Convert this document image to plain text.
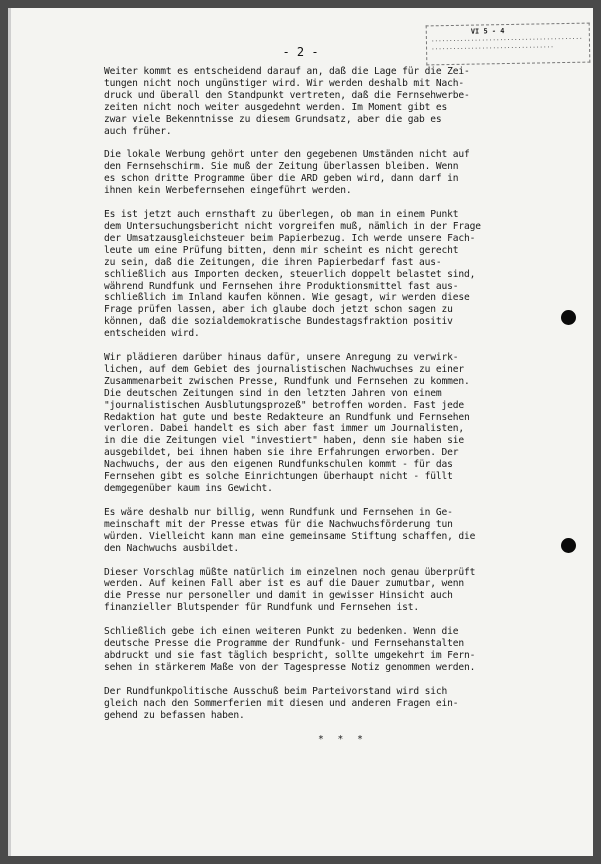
VI 5 - 4
..........................................
..................................
- 2 -
Weiter kommt es entscheidend darauf an, daß die Lage für die Zei-
tungen nicht noch ungünstiger wird. Wir werden deshalb mit Nach-
druck und überall den Standpunkt vertreten, daß die Fernsehwerbe-
zeiten nicht noch weiter ausgedehnt werden. Im Moment gibt es
zwar viele Bekenntnisse zu diesem Grundsatz, aber die gab es
auch früher.
Die lokale Werbung gehört unter den gegebenen Umständen nicht auf
den Fernsehschirm. Sie muß der Zeitung überlassen bleiben. Wenn
es schon dritte Programme über die ARD geben wird, dann darf in
ihnen kein Werbefernsehen eingeführt werden.
Es ist jetzt auch ernsthaft zu überlegen, ob man in einem Punkt
dem Untersuchungsbericht nicht vorgreifen muß, nämlich in der Frage
der Umsatzausgleichsteuer beim Papierbezug. Ich werde unsere Fach-
leute um eine Prüfung bitten, denn mir scheint es nicht gerecht
zu sein, daß die Zeitungen, die ihren Papierbedarf fast aus-
schließlich aus Importen decken, steuerlich doppelt belastet sind,
während Rundfunk und Fernsehen ihre Produktionsmittel fast aus-
schließlich im Inland kaufen können. Wie gesagt, wir werden diese
Frage prüfen lassen, aber ich glaube doch jetzt schon sagen zu
können, daß die sozialdemokratische Bundestagsfraktion positiv
entscheiden wird.
Wir plädieren darüber hinaus dafür, unsere Anregung zu verwirk-
lichen, auf dem Gebiet des journalistischen Nachwuchses zu einer
Zusammenarbeit zwischen Presse, Rundfunk und Fernsehen zu kommen.
Die deutschen Zeitungen sind in den letzten Jahren von einem
"journalistischen Ausblutungsprozeß" betroffen worden. Fast jede
Redaktion hat gute und beste Redakteure an Rundfunk und Fernsehen
verloren. Dabei handelt es sich aber fast immer um Journalisten,
in die die Zeitungen viel "investiert" haben, denn sie haben sie
ausgebildet, bei ihnen haben sie ihre Erfahrungen erworben. Der
Nachwuchs, der aus den eigenen Rundfunkschulen kommt - für das
Fernsehen gibt es solche Einrichtungen überhaupt nicht - füllt
demgegenüber kaum ins Gewicht.
Es wäre deshalb nur billig, wenn Rundfunk und Fernsehen in Ge-
meinschaft mit der Presse etwas für die Nachwuchsförderung tun
würden. Vielleicht kann man eine gemeinsame Stiftung schaffen, die
den Nachwuchs ausbildet.
Dieser Vorschlag müßte natürlich im einzelnen noch genau überprüft
werden. Auf keinen Fall aber ist es auf die Dauer zumutbar, wenn
die Presse nur personeller und damit in gewisser Hinsicht auch
finanzieller Blutspender für Rundfunk und Fernsehen ist.
Schließlich gebe ich einen weiteren Punkt zu bedenken. Wenn die
deutsche Presse die Programme der Rundfunk- und Fernsehanstalten
abdruckt und sie fast täglich bespricht, sollte umgekehrt im Fern-
sehen in stärkerem Maße von der Tagespresse Notiz genommen werden.
Der Rundfunkpolitische Ausschuß beim Parteivorstand wird sich
gleich nach den Sommerferien mit diesen und anderen Fragen ein-
gehend zu befassen haben.
* * *
